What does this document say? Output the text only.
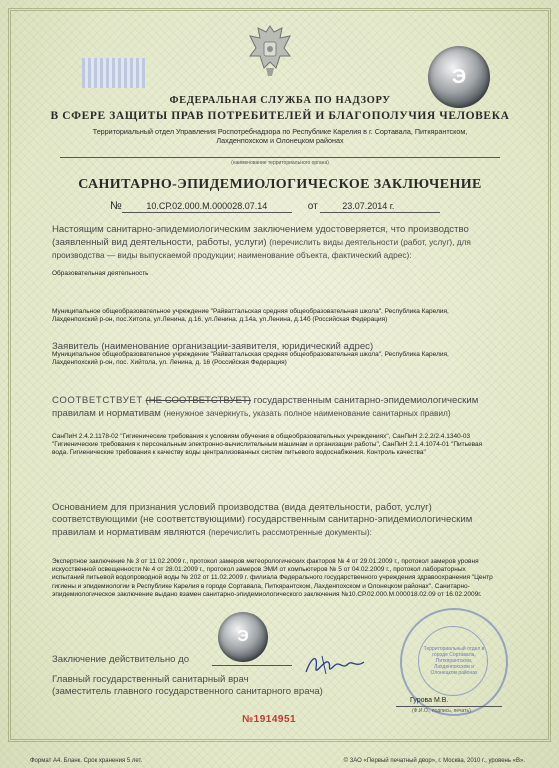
Э
ФЕДЕРАЛЬНАЯ СЛУЖБА ПО НАДЗОРУ
В СФЕРЕ ЗАЩИТЫ ПРАВ ПОТРЕБИТЕЛЕЙ И БЛАГОПОЛУЧИЯ ЧЕЛОВЕКА
Территориальный отдел Управления Роспотребнадзора по Республике Карелия в г. Сортавала, Питкярантском,
Лахденпохском и Олонецком районах
(наименование территориального органа)
САНИТАРНО-ЭПИДЕМИОЛОГИЧЕСКОЕ ЗАКЛЮЧЕНИЕ
№	10.СР.02.000.М.000028.07.14	от	23.07.2014 г.
Настоящим санитарно-эпидемиологическим заключением удостоверяется, что производство (заявленный вид деятельности, работы, услуги) (перечислить виды деятельности (работ, услуг), для производства — виды выпускаемой продукции; наименование объекта, фактический адрес):
Образовательная деятельность
Муниципальное общеобразовательное учреждение "Райваттальская средняя общеобразовательная школа", Республика Карелия, Лахденпохский р-он, пос.Хитола, ул.Ленина, д.16, ул.Ленина, д.14а, ул.Ленина, д.14б (Российская Федерация)
Заявитель (наименование организации-заявителя, юридический адрес)
Муниципальное общеобразовательное учреждение "Райваттальская средняя общеобразовательная школа", Республика Карелия, Лахденпохский р-он, пос. Хийтола, ул. Ленина, д. 16 (Российская Федерация)
СООТВЕТСТВУЕТ (НЕ СООТВЕТСТВУЕТ) государственным санитарно-эпидемиологическим правилам и нормативам (ненужное зачеркнуть, указать полное наименование санитарных правил)
СанПиН 2.4.2.1178-02 "Гигиенические требования к условиям обучения в общеобразовательных учреждениях", СанПиН 2.2.2/2.4.1340-03 "Гигиенические требования к персональным электронно-вычислительным машинам и организации работы", СанПиН 2.1.4.1074-01 "Питьевая вода. Гигиенические требования к качеству воды централизованных систем питьевого водоснабжения. Контроль качества"
Основанием для признания условий производства (вида деятельности, работ, услуг) соответствующими (не соответствующими) государственным санитарно-эпидемиологическим правилам и нормативам являются (перечислить рассмотренные документы):
Экспертное заключение № 3 от 11.02.2009 г., протокол замеров метеорологических факторов № 4 от 29.01.2009 г., протокол замеров уровня искусственной освещенности № 4 от 28.01.2009 г., протокол замеров ЭМИ от компьютеров № 5 от 04.02.2009 г., протокол лабораторных испытаний питьевой водопроводной воды № 202 от 11.02.2009 г. филиала Федерального государственного учреждения здравоохранения "Центр гигиены и эпидемиологии в Республике Карелия в городе Сортавала, Питкярантском, Лахденпохском и Олонецком районах". Санитарно-эпидемиологическое заключение выдано взамен санитарно-эпидемиологического заключения №10.СР.02.000.М.000018.02.09 от 16.02.2009г.
Э
Заключение действительно до
Главный государственный санитарный врач
(заместитель главного государственного санитарного врача)
Территориальный отдел в городе Сортавала, Питкярантском, Лахденпохском и Олонецком районах
Гурова М.В.
(Ф.И.О., подпись, печать)
№1914951
Формат А4. Бланк. Срок хранения 5 лет.	© ЗАО «Первый печатный двор», г. Москва, 2010 г., уровень «В».
